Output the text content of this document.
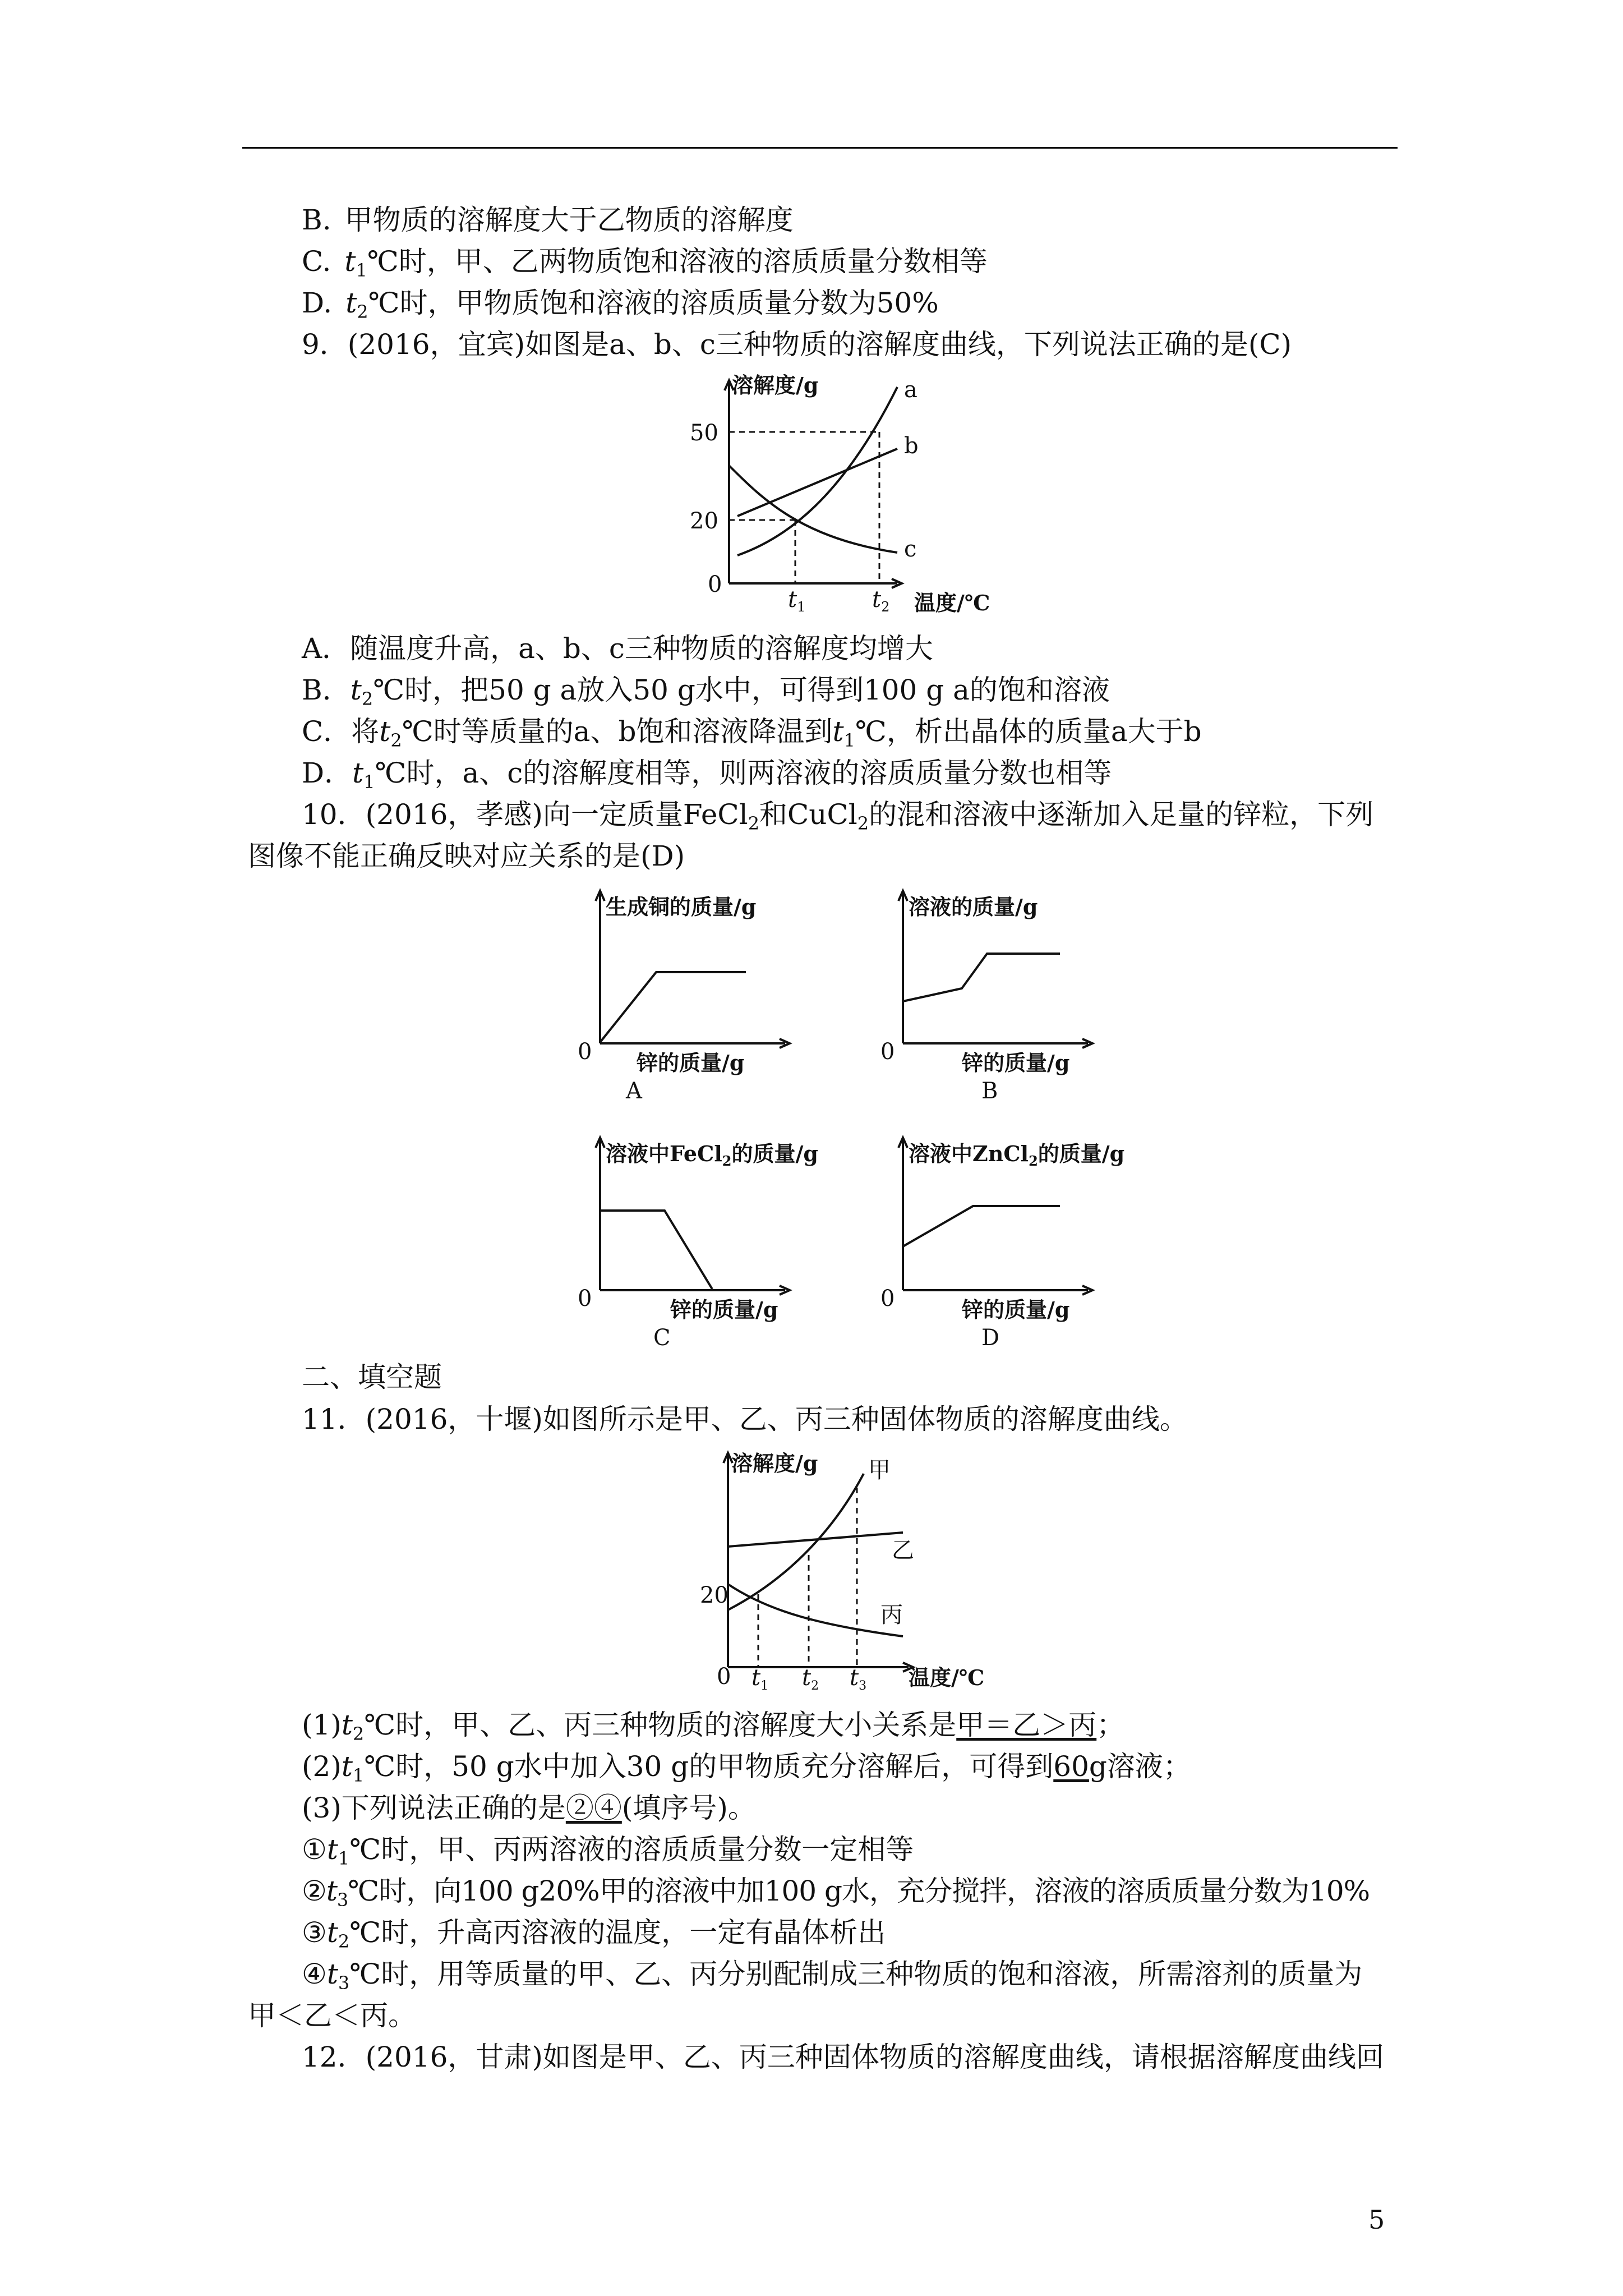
B. 甲物质的溶解度大于乙物质的溶解度
C. $t_1℃$时，甲、乙两物质饱和溶液的溶质质量分数相等
D. $t_2℃$时，甲物质饱和溶液的溶质质量分数为50%
9．(2016，宜宾)如图是a、b、c三种物质的溶解度曲线，下列说法正确的是(C)
溶解度/g
50
20
0
a
b
c
$t_1$	$t_2$ 温度/℃
A．随温度升高，a、b、c三种物质的溶解度均增大
B．$t_2℃$时，把50 g a放入50 g水中，可得到100 g a的饱和溶液
C．将$t_2℃$时等质量的a、b饱和溶液降温到$t_1℃$，析出晶体的质量a大于b
D．$t_1℃$时，a、c的溶解度相等，则两溶液的溶质质量分数也相等
10．(2016，孝感)向一定质量FeCl$_2$和CuCl$_2$的混和溶液中逐渐加入足量的锌粒，下列
图像不能正确反映对应关系的是(D)
生成铜的质量/g
0 锌的质量/g
A
溶液的质量/g
0	锌的质量/g
B
溶液中FeCl$_2$的质量/g
0	锌的质量/g
C
溶液中ZnCl$_2$的质量/g
0	锌的质量/g
D
二、填空题
11．(2016，十堰)如图所示是甲、乙、丙三种固体物质的溶解度曲线。
溶解度/g
20
0
甲
乙
丙
$t_1$ $t_2$ $t_3$ 温度/℃
$(1)t_2℃$时，甲、乙、丙三种物质的溶解度大小关系是甲＝乙＞丙；
$(2)t_1℃$时，50 g水中加入30 g的甲物质充分溶解后，可得到60g溶液；
(3)下列说法正确的是②④(填序号)。
$①t_1℃$时，甲、丙两溶液的溶质质量分数一定相等
$②t_3℃$时，向100 g20%甲的溶液中加100 g水，充分搅拌，溶液的溶质质量分数为10%
$③t_2℃$时，升高丙溶液的温度，一定有晶体析出
$④t_3℃$时，用等质量的甲、乙、丙分别配制成三种物质的饱和溶液，所需溶剂的质量为
甲＜乙＜丙。
12．(2016，甘肃)如图是甲、乙、丙三种固体物质的溶解度曲线，请根据溶解度曲线回
5
